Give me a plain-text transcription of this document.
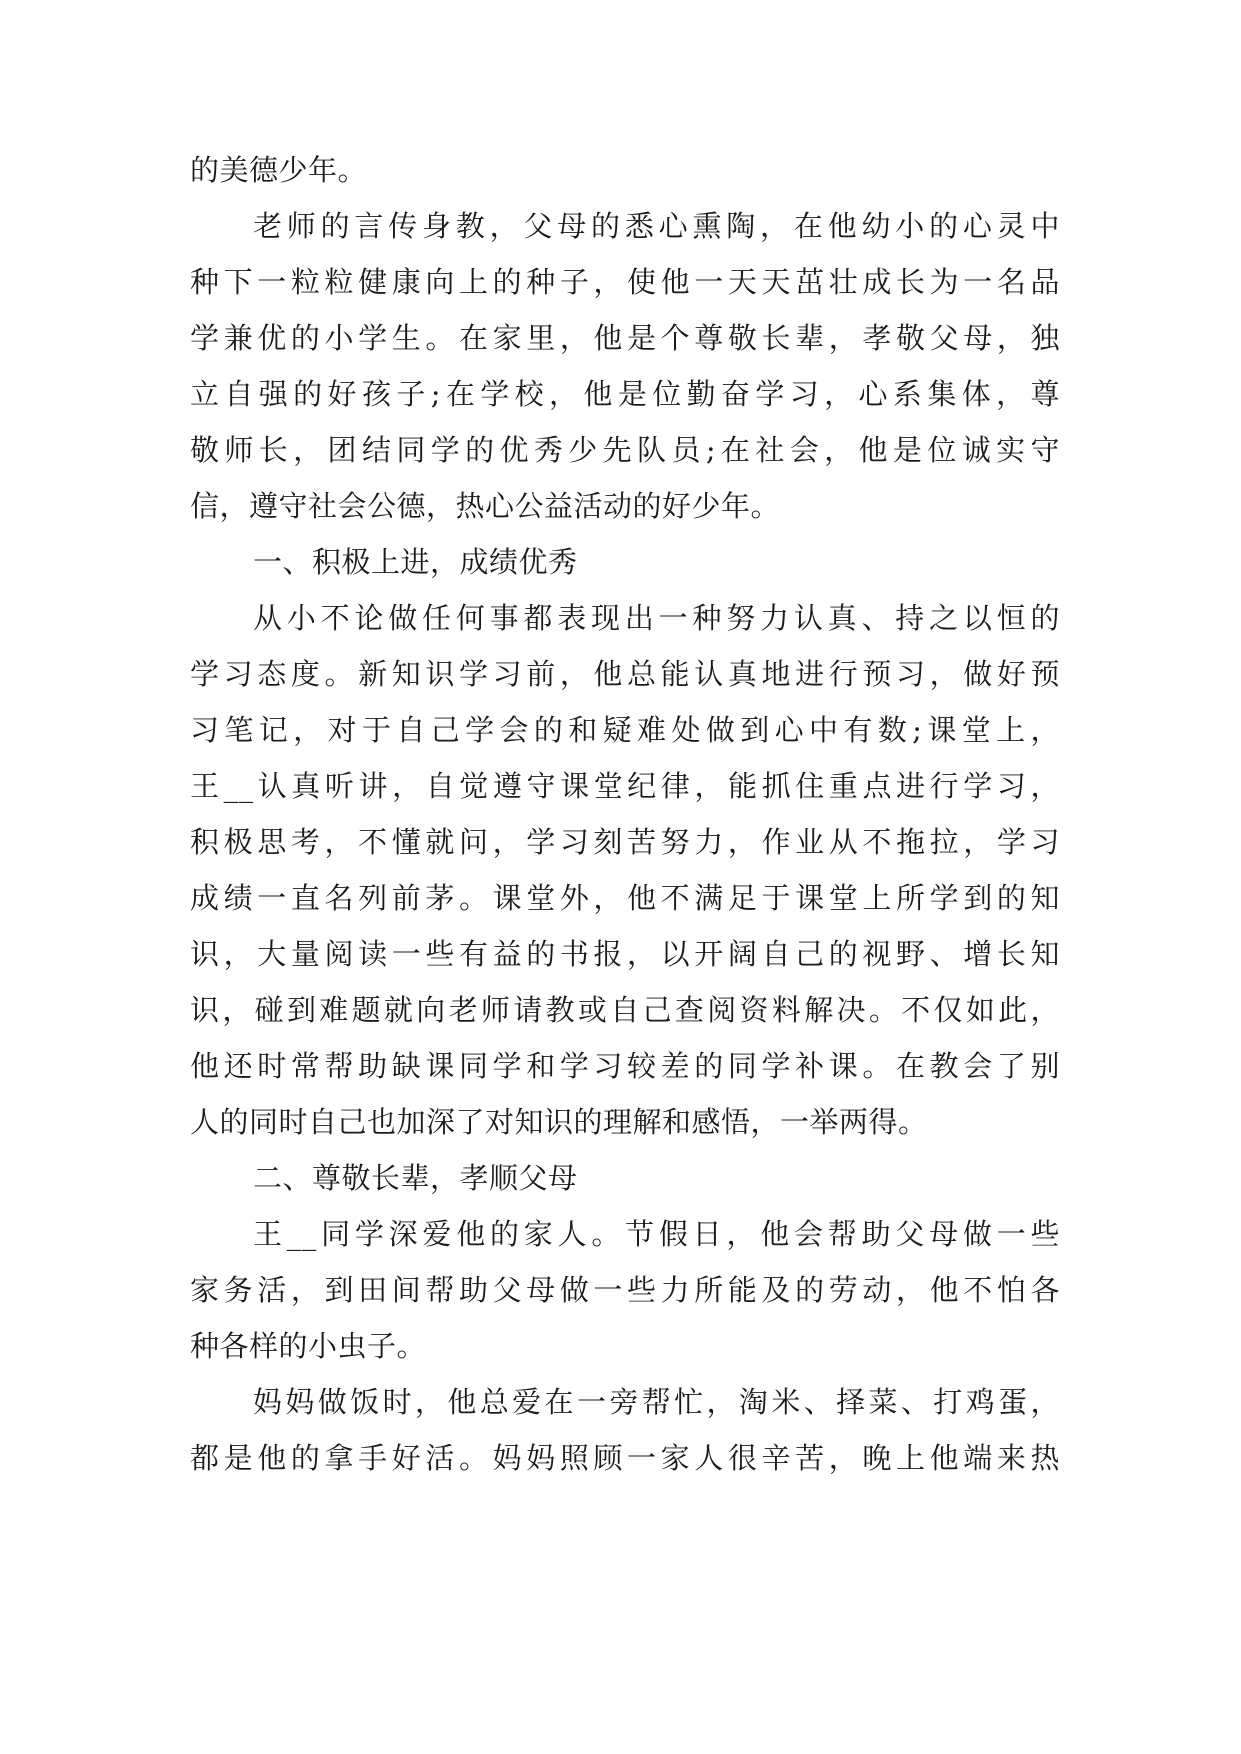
的美德少年。
老师的言传身教，父母的悉心熏陶，在他幼小的心灵中
种下一粒粒健康向上的种子，使他一天天茁壮成长为一名品
学兼优的小学生。在家里，他是个尊敬长辈，孝敬父母，独
立自强的好孩子;在学校，他是位勤奋学习，心系集体，尊
敬师长，团结同学的优秀少先队员;在社会，他是位诚实守
信，遵守社会公德，热心公益活动的好少年。
一、积极上进，成绩优秀
从小不论做任何事都表现出一种努力认真、持之以恒的
学习态度。新知识学习前，他总能认真地进行预习，做好预
习笔记，对于自己学会的和疑难处做到心中有数;课堂上，
王__认真听讲，自觉遵守课堂纪律，能抓住重点进行学习，
积极思考，不懂就问，学习刻苦努力，作业从不拖拉，学习
成绩一直名列前茅。课堂外，他不满足于课堂上所学到的知
识，大量阅读一些有益的书报，以开阔自己的视野、增长知
识，碰到难题就向老师请教或自己查阅资料解决。不仅如此，
他还时常帮助缺课同学和学习较差的同学补课。在教会了别
人的同时自己也加深了对知识的理解和感悟，一举两得。
二、尊敬长辈，孝顺父母
王__同学深爱他的家人。节假日，他会帮助父母做一些
家务活，到田间帮助父母做一些力所能及的劳动，他不怕各
种各样的小虫子。
妈妈做饭时，他总爱在一旁帮忙，淘米、择菜、打鸡蛋，
都是他的拿手好活。妈妈照顾一家人很辛苦，晚上他端来热
